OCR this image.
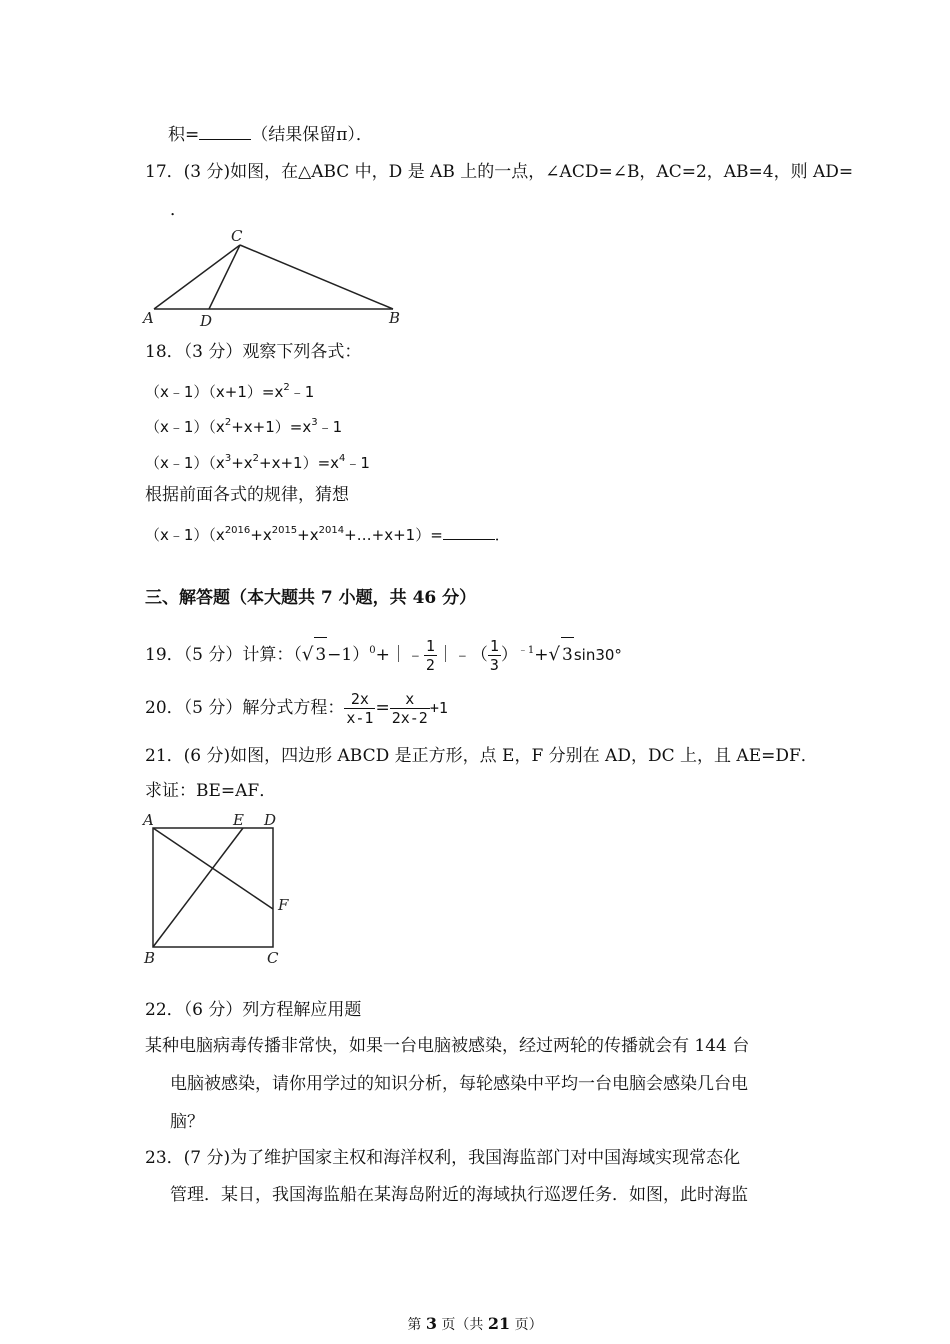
积=	（结果保留π）．
17．(3 分)如图，在△ABC 中，D 是 AB 上的一点，∠ACD=∠B，AC=2，AB=4，则 AD=
．
C
A	D	B
18．（3 分）观察下列各式：
$(x﹣1)(x+1)=x^2﹣1$
$(x﹣1)(x^2+x+1)=x^3﹣1$
$(x﹣1)(x^3+x^2+x+1)=x^4﹣1$
根据前面各式的规律，猜想
$(x﹣1)(x^{2016}+x^{2015}+x^{2014}+\dots+x+1)=$	．
三、解答题（本大题共 7 小题，共 46 分）
19．（5 分）计算：（√ 3−1）$^0$+｜﹣ $\frac{1}{2}$ ｜﹣（ $\frac{1}{3} )^{﹣1}+√$ 3sin30°
20．（5 分）解分式方程： $\frac{2x}{x-1} = \frac{x}{2x-2} +1$
21．(6 分)如图，四边形 ABCD 是正方形，点 E，F 分别在 AD，DC 上，且 AE=DF．
求证：BE=AF．
A	E D
F
B	C
22．（6 分）列方程解应用题
某种电脑病毒传播非常快，如果一台电脑被感染，经过两轮的传播就会有 144 台
电脑被感染，请你用学过的知识分析，每轮感染中平均一台电脑会感染几台电
脑？
23．(7 分)为了维护国家主权和海洋权利，我国海监部门对中国海域实现常态化
管理．某日，我国海监船在某海岛附近的海域执行巡逻任务．如图，此时海监
第 3 页（共 21 页）
